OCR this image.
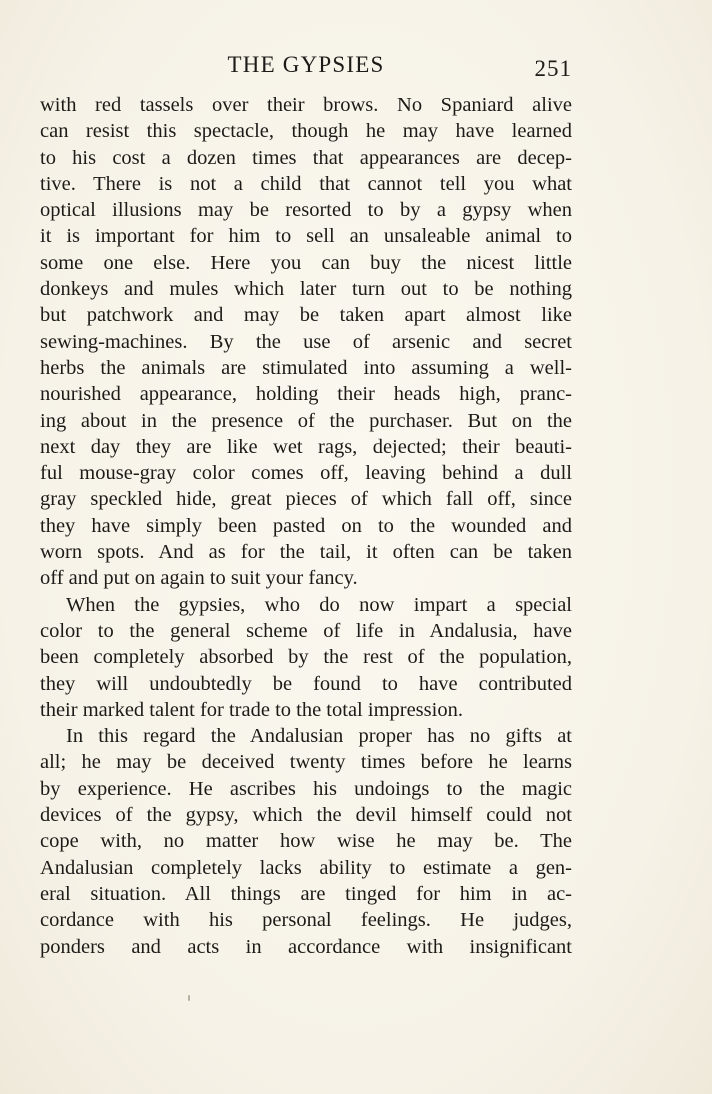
THE GYPSIES	251
with red tassels over their brows. No Spaniard alive
can resist this spectacle, though he may have learned
to his cost a dozen times that appearances are decep-
tive. There is not a child that cannot tell you what
optical illusions may be resorted to by a gypsy when
it is important for him to sell an unsaleable animal to
some one else. Here you can buy the nicest little
donkeys and mules which later turn out to be nothing
but patchwork and may be taken apart almost like
sewing-machines. By the use of arsenic and secret
herbs the animals are stimulated into assuming a well-
nourished appearance, holding their heads high, pranc-
ing about in the presence of the purchaser. But on the
next day they are like wet rags, dejected; their beauti-
ful mouse-gray color comes off, leaving behind a dull
gray speckled hide, great pieces of which fall off, since
they have simply been pasted on to the wounded and
worn spots. And as for the tail, it often can be taken
off and put on again to suit your fancy.
When the gypsies, who do now impart a special
color to the general scheme of life in Andalusia, have
been completely absorbed by the rest of the population,
they will undoubtedly be found to have contributed
their marked talent for trade to the total impression.
In this regard the Andalusian proper has no gifts at
all; he may be deceived twenty times before he learns
by experience. He ascribes his undoings to the magic
devices of the gypsy, which the devil himself could not
cope with, no matter how wise he may be. The
Andalusian completely lacks ability to estimate a gen-
eral situation. All things are tinged for him in ac-
cordance with his personal feelings. He judges,
ponders and acts in accordance with insignificant
